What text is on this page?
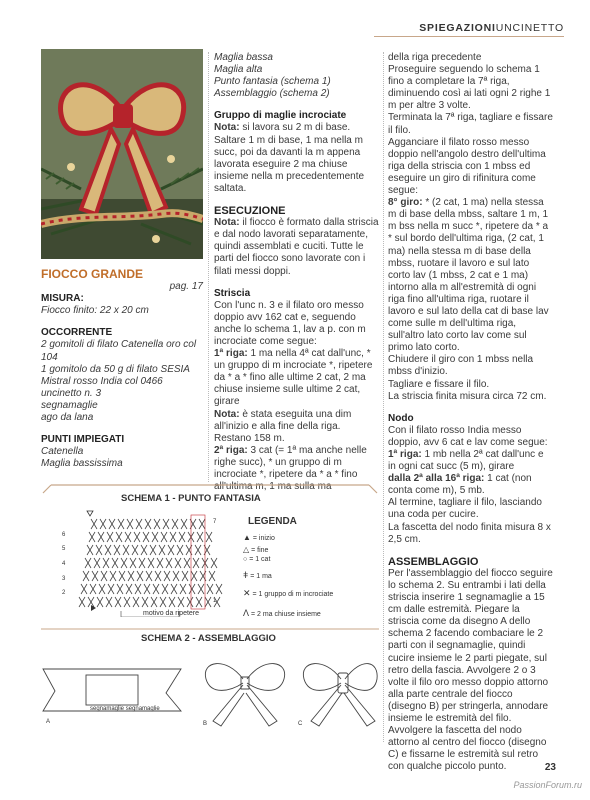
SPIEGAZIONIUNCINETTO

FIOCCO GRANDE

pag. 17

MISURA:

Fiocco finito: 22 x 20 cm

OCCORRENTE

2 gomitoli di filato Catenella oro col 104

1 gomitolo da 50 g di filato SESIA Mistral rosso India col 0466

uncinetto n. 3

segnamaglie

ago da lana

PUNTI IMPIEGATI

Catenella

Maglia bassissima

Maglia bassa

Maglia alta

Punto fantasia (schema 1)

Assemblaggio (schema 2)

Gruppo di maglie incrociate

Nota: si lavora su 2 m di base.

Saltare 1 m di base, 1 ma nella m succ, poi da davanti la m appena lavorata eseguire 2 ma chiuse insieme nella m precedentemente saltata.

ESECUZIONE

Nota: il fiocco è formato dalla striscia e dal nodo lavorati separatamente, quindi assemblati e cuciti. Tutte le parti del fiocco sono lavorate con i filati messi doppi.

Striscia

Con l'unc n. 3 e il filato oro messo doppio avv 162 cat e, seguendo anche lo schema 1, lav a p. con m incrociate come segue:

1ª riga: 1 ma nella 4ª cat dall'unc, * un gruppo di m incrociate *, ripetere da * a * fino alle ultime 2 cat, 2 ma chiuse insieme sulle ultime 2 cat, girare

Nota: è stata eseguita una dim all'inizio e alla fine della riga.

Restano 158 m.

2ª riga: 3 cat (= 1ª ma anche nelle righe succ), * un gruppo di m incrociate *, ripetere da * a * fino all'ultima m, 1 ma sulla ma

della riga precedente

Proseguire seguendo lo schema 1 fino a completare la 7ª riga, diminuendo così ai lati ogni 2 righe 1 m per altre 3 volte.

Terminata la 7ª riga, tagliare e fissare il filo.

Agganciare il filato rosso messo doppio nell'angolo destro dell'ultima riga della striscia con 1 mbss ed eseguire un giro di rifinitura come segue:

8° giro: * (2 cat, 1 ma) nella stessa m di base della mbss, saltare 1 m, 1 m bss nella m succ *, ripetere da * a * sul bordo dell'ultima riga, (2 cat, 1 ma) nella stessa m di base della mbss, ruotare il lavoro e sul lato corto lav (1 mbss, 2 cat e 1 ma) intorno alla m all'estremità di ogni riga fino all'ultima riga, ruotare il lavoro e sul lato della cat di base lav come sulle m dell'ultima riga, sull'altro lato corto lav come sul primo lato corto.

Chiudere il giro con 1 mbss nella mbss d'inizio.

Tagliare e fissare il filo.

La striscia finita misura circa 72 cm.

Nodo

Con il filato rosso India messo doppio, avv 6 cat e lav come segue:

1ª riga: 1 mb nella 2ª cat dall'unc e in ogni cat succ (5 m), girare

dalla 2ª alla 16ª riga: 1 cat (non conta come m), 5 mb.

Al termine, tagliare il filo, lasciando una coda per cucire.

La fascetta del nodo finita misura 8 x 2,5 cm.

ASSEMBLAGGIO

Per l'assemblaggio del fiocco seguire lo schema 2. Su entrambi i lati della striscia inserire 1 segnamaglie a 15 cm dalle estremità. Piegare la striscia come da disegno A dello schema 2 facendo combaciare le 2 parti con il segnamaglie, quindi cucire insieme le 2 parti piegate, sul retro della fascia. Avvolgere 2 o 3 volte il filo oro messo doppio attorno alla parte centrale del fiocco (disegno B) per stringerla, annodare insieme le estremità del filo. Avvolgere la fascetta del nodo attorno al centro del fiocco (disegno C) e fissarne le estremità sul retro con qualche piccolo punto.

SCHEMA 1 - PUNTO FANTASIA
6
5
4
3
2
7
1
motivo da ripetere
LEGENDA
▲ = inizio
△ = fine
○ = 1 cat
ǂ = 1 ma
✕ = 1 gruppo di m incrociate
Λ = 2 ma chiuse insieme
SCHEMA 2 - ASSEMBLAGGIO
segnamaglie segnamaglie
A	B	C
23
PassionForum.ru
